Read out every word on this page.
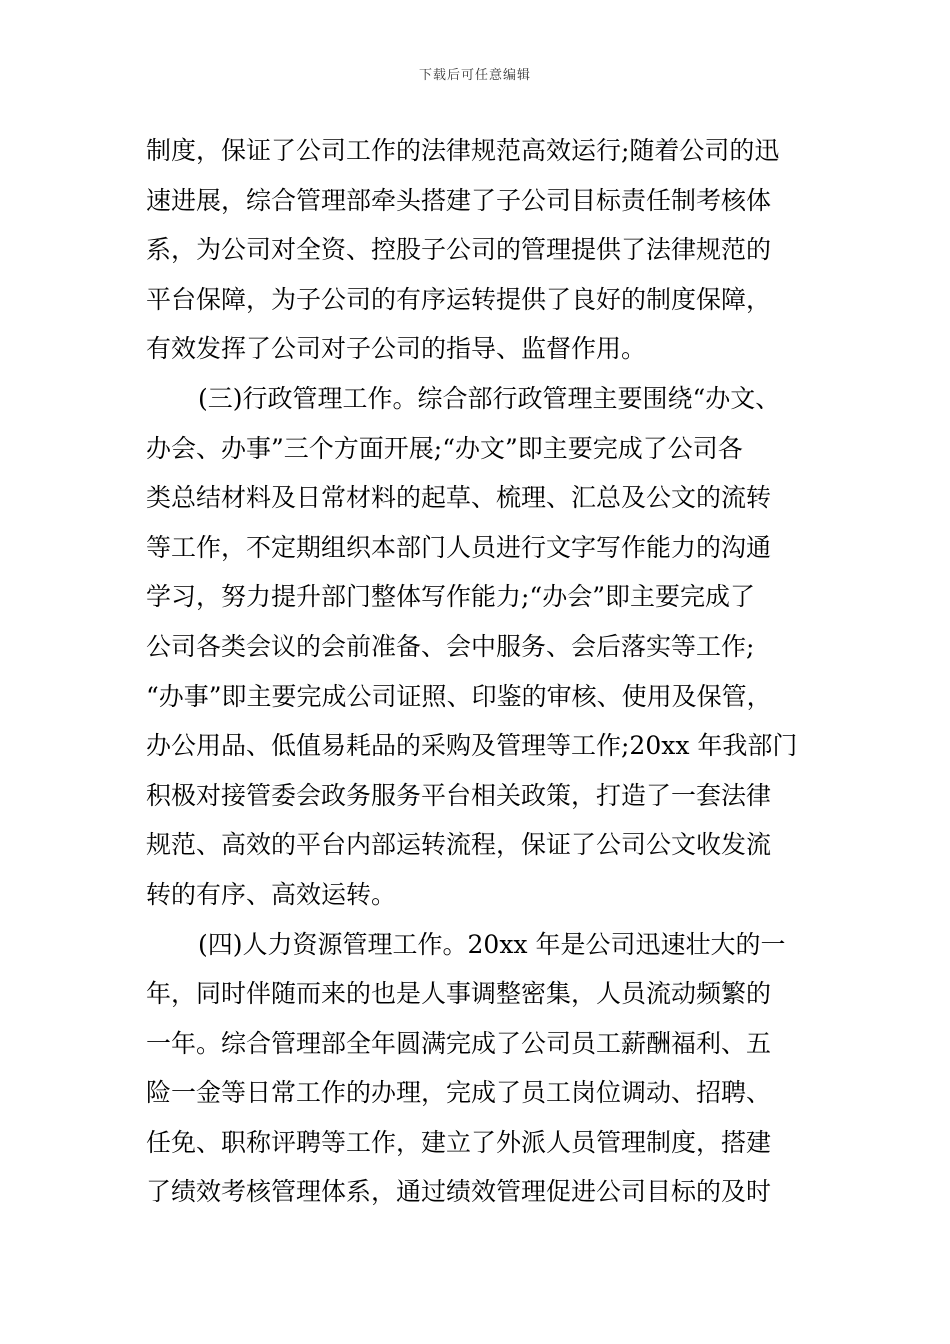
下载后可任意编辑
制度，保证了公司工作的法律规范高效运行;随着公司的迅
速进展，综合管理部牵头搭建了子公司目标责任制考核体
系，为公司对全资、控股子公司的管理提供了法律规范的
平台保障，为子公司的有序运转提供了良好的制度保障，
有效发挥了公司对子公司的指导、监督作用。
(三)行政管理工作。综合部行政管理主要围绕“办文、
办会、办事”三个方面开展;“办文”即主要完成了公司各
类总结材料及日常材料的起草、梳理、汇总及公文的流转
等工作，不定期组织本部门人员进行文字写作能力的沟通
学习，努力提升部门整体写作能力;“办会”即主要完成了
公司各类会议的会前准备、会中服务、会后落实等工作;
“办事”即主要完成公司证照、印鉴的审核、使用及保管，
办公用品、低值易耗品的采购及管理等工作;20xx 年我部门
积极对接管委会政务服务平台相关政策，打造了一套法律
规范、高效的平台内部运转流程，保证了公司公文收发流
转的有序、高效运转。
(四)人力资源管理工作。20xx 年是公司迅速壮大的一
年，同时伴随而来的也是人事调整密集，人员流动频繁的
一年。综合管理部全年圆满完成了公司员工薪酬福利、五
险一金等日常工作的办理，完成了员工岗位调动、招聘、
任免、职称评聘等工作，建立了外派人员管理制度，搭建
了绩效考核管理体系，通过绩效管理促进公司目标的及时
